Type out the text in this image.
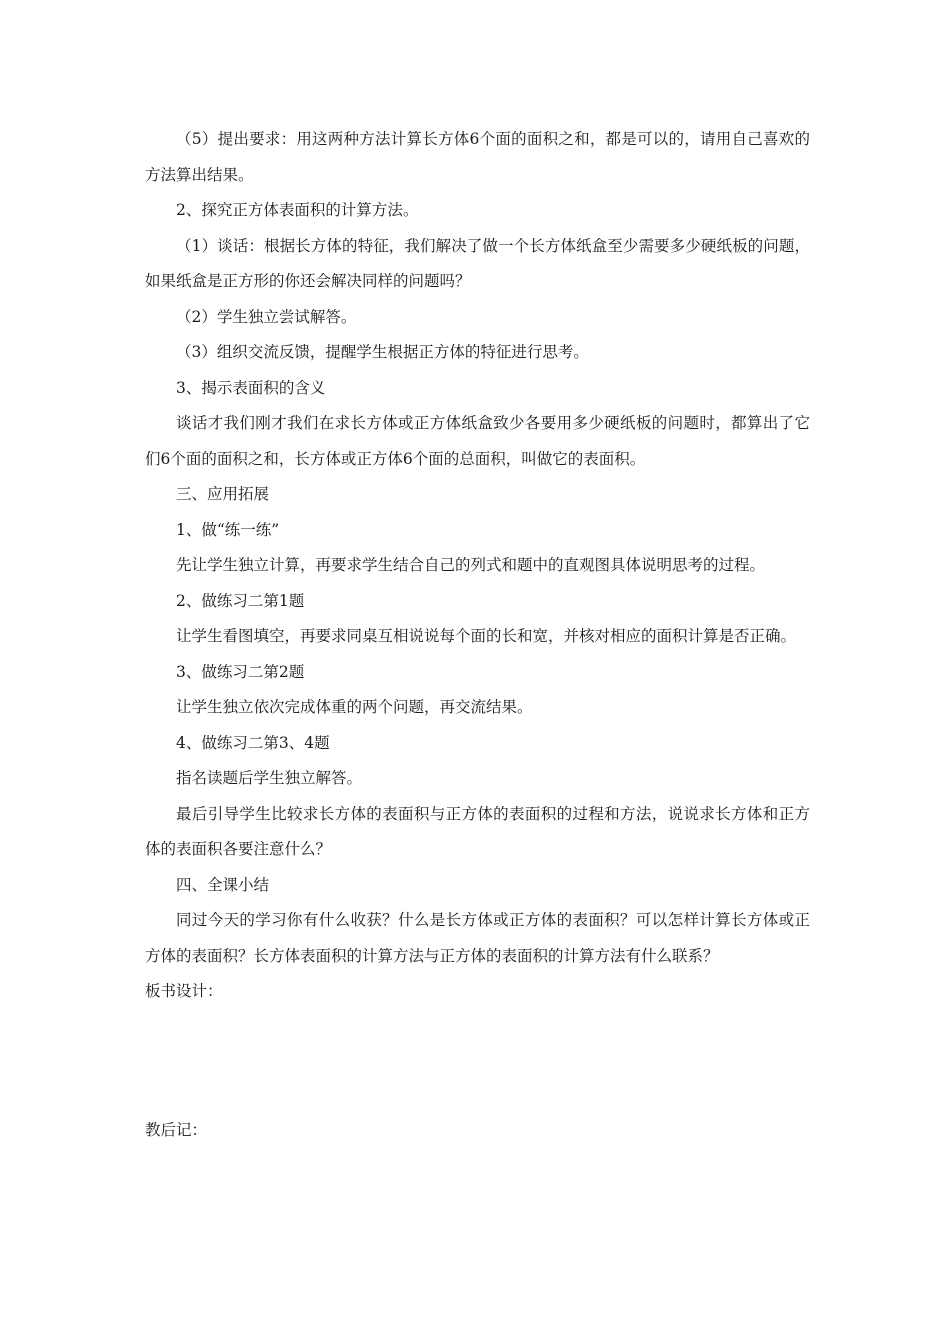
（5）提出要求：用这两种方法计算长方体6个面的面积之和，都是可以的，请用自己喜欢的方法算出结果。

2、探究正方体表面积的计算方法。

（1）谈话：根据长方体的特征，我们解决了做一个长方体纸盒至少需要多少硬纸板的问题，如果纸盒是正方形的你还会解决同样的问题吗？

（2）学生独立尝试解答。

（3）组织交流反馈，提醒学生根据正方体的特征进行思考。

3、揭示表面积的含义

谈话才我们刚才我们在求长方体或正方体纸盒致少各要用多少硬纸板的问题时，都算出了它们6个面的面积之和，长方体或正方体6个面的总面积，叫做它的表面积。

三、应用拓展

1、做“练一练”

先让学生独立计算，再要求学生结合自己的列式和题中的直观图具体说明思考的过程。

2、做练习二第1题

让学生看图填空，再要求同桌互相说说每个面的长和宽，并核对相应的面积计算是否正确。

3、做练习二第2题

让学生独立依次完成体重的两个问题，再交流结果。

4、做练习二第3、4题

指名读题后学生独立解答。

最后引导学生比较求长方体的表面积与正方体的表面积的过程和方法，说说求长方体和正方体的表面积各要注意什么？

四、全课小结

同过今天的学习你有什么收获？什么是长方体或正方体的表面积？可以怎样计算长方体或正方体的表面积？长方体表面积的计算方法与正方体的表面积的计算方法有什么联系？

板书设计：

教后记：
